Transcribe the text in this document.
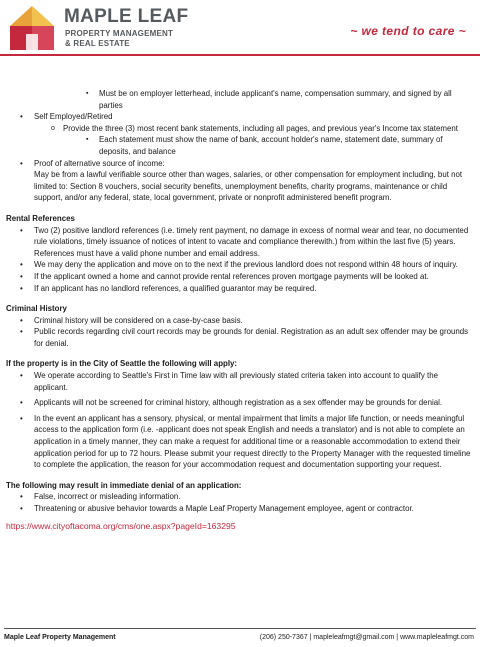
MAPLE LEAF
PROPERTY MANAGEMENT
& REAL ESTATE
~ we tend to care ~

▪ Must be on employer letterhead, include applicant's name, compensation summary, and signed by all parties

• Self Employed/Retired

o Provide the three (3) most recent bank statements, including all pages, and previous year's Income tax statement

▪ Each statement must show the name of bank, account holder's name, statement date, summary of deposits, and balance

• Proof of alternative source of income:

May be from a lawful verifiable source other than wages, salaries, or other compensation for employment including, but not limited to: Section 8 vouchers, social security benefits, unemployment benefits, charity programs, maintenance or child support, and/or any federal, state, local government, private or nonprofit administered benefit program.

Rental References

• Two (2) positive landlord references (i.e. timely rent payment, no damage in excess of normal wear and tear, no documented rule violations, timely issuance of notices of intent to vacate and compliance therewith.) from within the last five (5) years. References must have a valid phone number and email address.

• We may deny the application and move on to the next if the previous landlord does not respond within 48 hours of inquiry.

• If the applicant owned a home and cannot provide rental references proven mortgage payments will be looked at.

• If an applicant has no landlord references, a qualified guarantor may be required.

Criminal History

• Criminal history will be considered on a case-by-case basis.

• Public records regarding civil court records may be grounds for denial. Registration as an adult sex offender may be grounds for denial.

If the property is in the City of Seattle the following will apply:

• We operate according to Seattle's First in Time law with all previously stated criteria taken into account to qualify the applicant.

• Applicants will not be screened for criminal history, although registration as a sex offender may be grounds for denial.

• In the event an applicant has a sensory, physical, or mental impairment that limits a major life function, or needs meaningful access to the application form (i.e. -applicant does not speak English and needs a translator) and is not able to complete an application in a timely manner, they can make a request for additional time or a reasonable accommodation to extend their application period for up to 72 hours. Please submit your request directly to the Property Manager with the requested timeline to complete the application, the reason for your accommodation request and documentation supporting your request.

The following may result in immediate denial of an application:

• False, incorrect or misleading information.

• Threatening or abusive behavior towards a Maple Leaf Property Management employee, agent or contractor.

https://www.cityoftacoma.org/cms/one.aspx?pageId=163295

Maple Leaf Property Management	(206) 250-7367 | mapleleafmgt@gmail.com | www.mapleleafmgt.com
